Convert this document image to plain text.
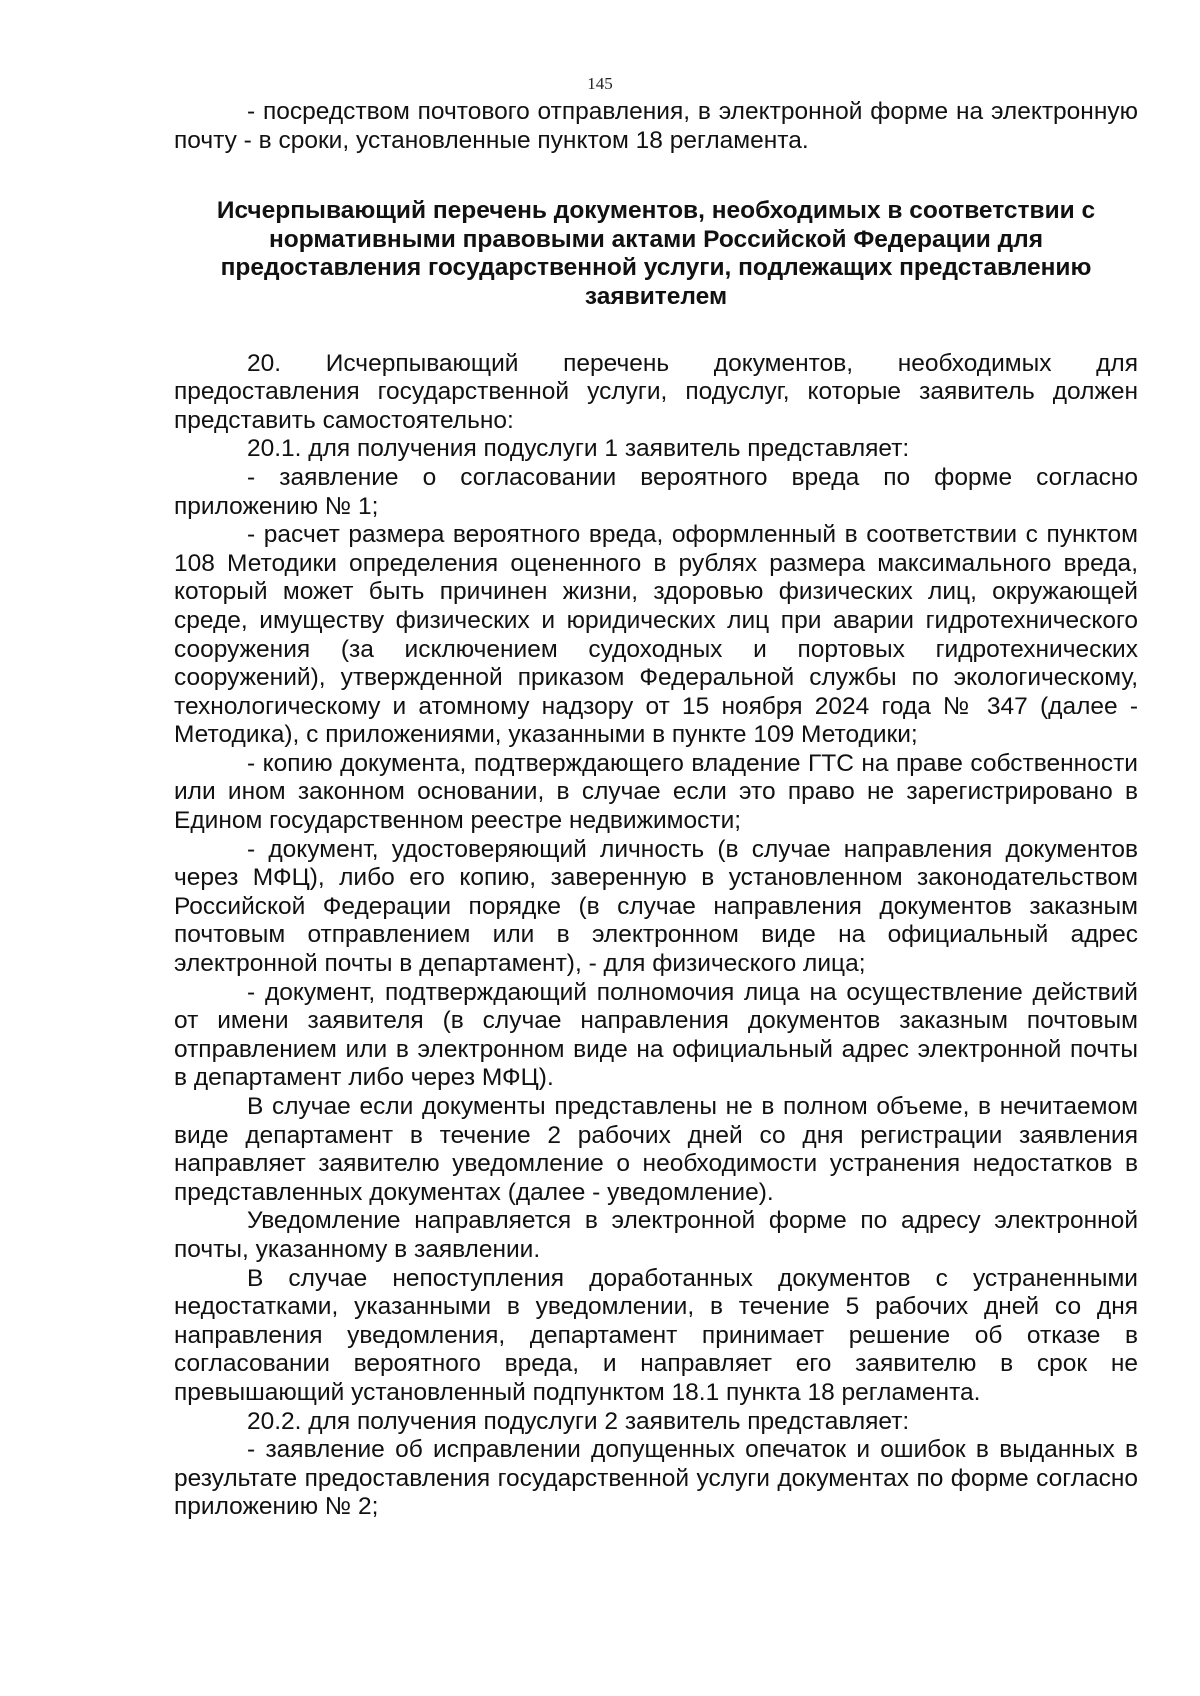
145

- посредством почтового отправления, в электронной форме на электронную почту - в сроки, установленные пунктом 18 регламента.

Исчерпывающий перечень документов, необходимых в соответствии с нормативными правовыми актами Российской Федерации для предоставления государственной услуги, подлежащих представлению заявителем

20. Исчерпывающий перечень документов, необходимых для предоставления государственной услуги, подуслуг, которые заявитель должен представить самостоятельно:

20.1. для получения подуслуги 1 заявитель представляет:

- заявление о согласовании вероятного вреда по форме согласно приложению № 1;

- расчет размера вероятного вреда, оформленный в соответствии с пунктом 108 Методики определения оцененного в рублях размера максимального вреда, который может быть причинен жизни, здоровью физических лиц, окружающей среде, имуществу физических и юридических лиц при аварии гидротехнического сооружения (за исключением судоходных и портовых гидротехнических сооружений), утвержденной приказом Федеральной службы по экологическому, технологическому и атомному надзору от 15 ноября 2024 года № 347 (далее - Методика), с приложениями, указанными в пункте 109 Методики;

- копию документа, подтверждающего владение ГТС на праве собственности или ином законном основании, в случае если это право не зарегистрировано в Едином государственном реестре недвижимости;

- документ, удостоверяющий личность (в случае направления документов через МФЦ), либо его копию, заверенную в установленном законодательством Российской Федерации порядке (в случае направления документов заказным почтовым отправлением или в электронном виде на официальный адрес электронной почты в департамент), - для физического лица;

- документ, подтверждающий полномочия лица на осуществление действий от имени заявителя (в случае направления документов заказным почтовым отправлением или в электронном виде на официальный адрес электронной почты в департамент либо через МФЦ).

В случае если документы представлены не в полном объеме, в нечитаемом виде департамент в течение 2 рабочих дней со дня регистрации заявления направляет заявителю уведомление о необходимости устранения недостатков в представленных документах (далее - уведомление).

Уведомление направляется в электронной форме по адресу электронной почты, указанному в заявлении.

В случае непоступления доработанных документов с устраненными недостатками, указанными в уведомлении, в течение 5 рабочих дней со дня направления уведомления, департамент принимает решение об отказе в согласовании вероятного вреда, и направляет его заявителю в срок не превышающий установленный подпунктом 18.1 пункта 18 регламента.

20.2. для получения подуслуги 2 заявитель представляет:

- заявление об исправлении допущенных опечаток и ошибок в выданных в результате предоставления государственной услуги документах по форме согласно приложению № 2;
